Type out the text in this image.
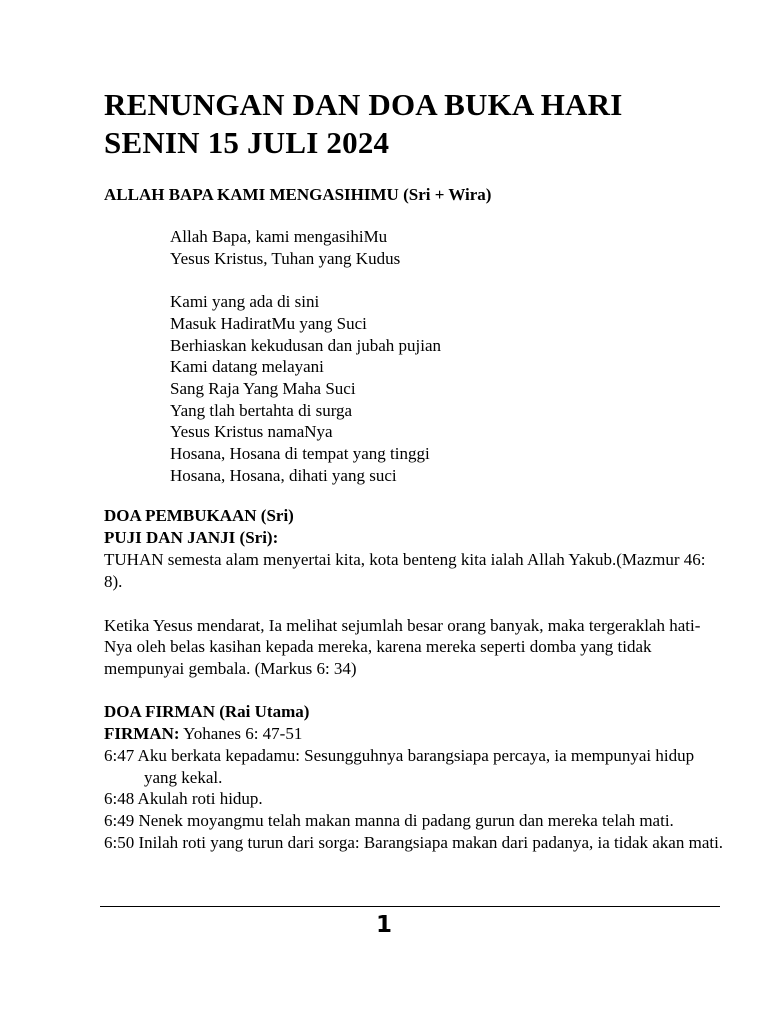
RENUNGAN DAN DOA BUKA HARI
SENIN 15 JULI 2024

ALLAH BAPA KAMI MENGASIHIMU (Sri + Wira)

Allah Bapa, kami mengasihiMu
Yesus Kristus, Tuhan yang Kudus
Kami yang ada di sini
Masuk HadiratMu yang Suci
Berhiaskan kekudusan dan jubah pujian
Kami datang melayani
Sang Raja Yang Maha Suci
Yang tlah bertahta di surga
Yesus Kristus namaNya
Hosana, Hosana di tempat yang tinggi
Hosana, Hosana, dihati yang suci

DOA PEMBUKAAN (Sri)

PUJI DAN JANJI (Sri):

TUHAN semesta alam menyertai kita, kota benteng kita ialah Allah Yakub.(Mazmur 46: 8).

Ketika Yesus mendarat, Ia melihat sejumlah besar orang banyak, maka tergeraklah hati-Nya oleh belas kasihan kepada mereka, karena mereka seperti domba yang tidak mempunyai gembala. (Markus 6: 34)

DOA FIRMAN (Rai Utama)

FIRMAN: Yohanes 6: 47-51

6:47 Aku berkata kepadamu: Sesungguhnya barangsiapa percaya, ia mempunyai hidup yang kekal.

6:48 Akulah roti hidup.

6:49 Nenek moyangmu telah makan manna di padang gurun dan mereka telah mati.

6:50 Inilah roti yang turun dari sorga: Barangsiapa makan dari padanya, ia tidak akan mati.

1
